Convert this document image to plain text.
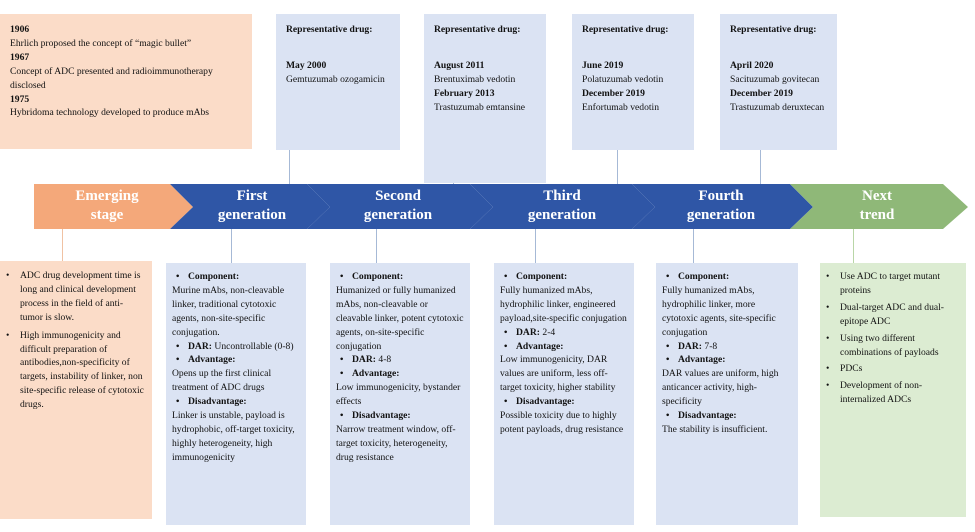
1906
Ehrlich proposed the concept of “magic bullet”
1967
Concept of ADC presented and radioimmunotherapy disclosed
1975
Hybridoma technology developed to produce mAbs
Representative drug:
May 2000
Gemtuzumab ozogamicin
Representative drug:
August 2011
Brentuximab vedotin
February 2013
Trastuzumab emtansine
Representative drug:
June 2019
Polatuzumab vedotin
December 2019
Enfortumab vedotin
Representative drug:
April 2020
Sacituzumab govitecan
December 2019
Trastuzumab deruxtecan
Emerging
stage
First
generation
Second
generation
Third
generation
Fourth
generation
Next
trend
• ADC drug development time is long and clinical development process in the field of anti-tumor is slow.
• High immunogenicity and difficult preparation of antibodies,non-specificity of targets, instability of linker, non site-specific release of cytotoxic drugs.
• Component:
Murine mAbs, non-cleavable linker, traditional cytotoxic agents, non-site-specific conjugation.
• DAR: Uncontrollable (0-8)
• Advantage:
Opens up the first clinical treatment of ADC drugs
• Disadvantage:
Linker is unstable, payload is hydrophobic, off-target toxicity, highly heterogeneity, high immunogenicity
• Component:
Humanized or fully humanized mAbs, non-cleavable or cleavable linker, potent cytotoxic agents, on-site-specific conjugation
• DAR: 4-8
• Advantage:
Low immunogenicity, bystander effects
• Disadvantage:
Narrow treatment window, off-target toxicity, heterogeneity, drug resistance
• Component:
Fully humanized mAbs, hydrophilic linker, engineered payload,site-specific conjugation
• DAR: 2-4
• Advantage:
Low immunogenicity, DAR values are uniform, less off-target toxicity, higher stability
• Disadvantage:
Possible toxicity due to highly potent payloads, drug resistance
• Component:
Fully humanized mAbs, hydrophilic linker, more cytotoxic agents, site-specific conjugation
• DAR: 7-8
• Advantage:
DAR values are uniform, high anticancer activity, high-specificity
• Disadvantage:
The stability is insufficient.
• Use ADC to target mutant proteins
• Dual-target ADC and dual-epitope ADC
• Using two different combinations of payloads
• PDCs
• Development of non-internalized ADCs
